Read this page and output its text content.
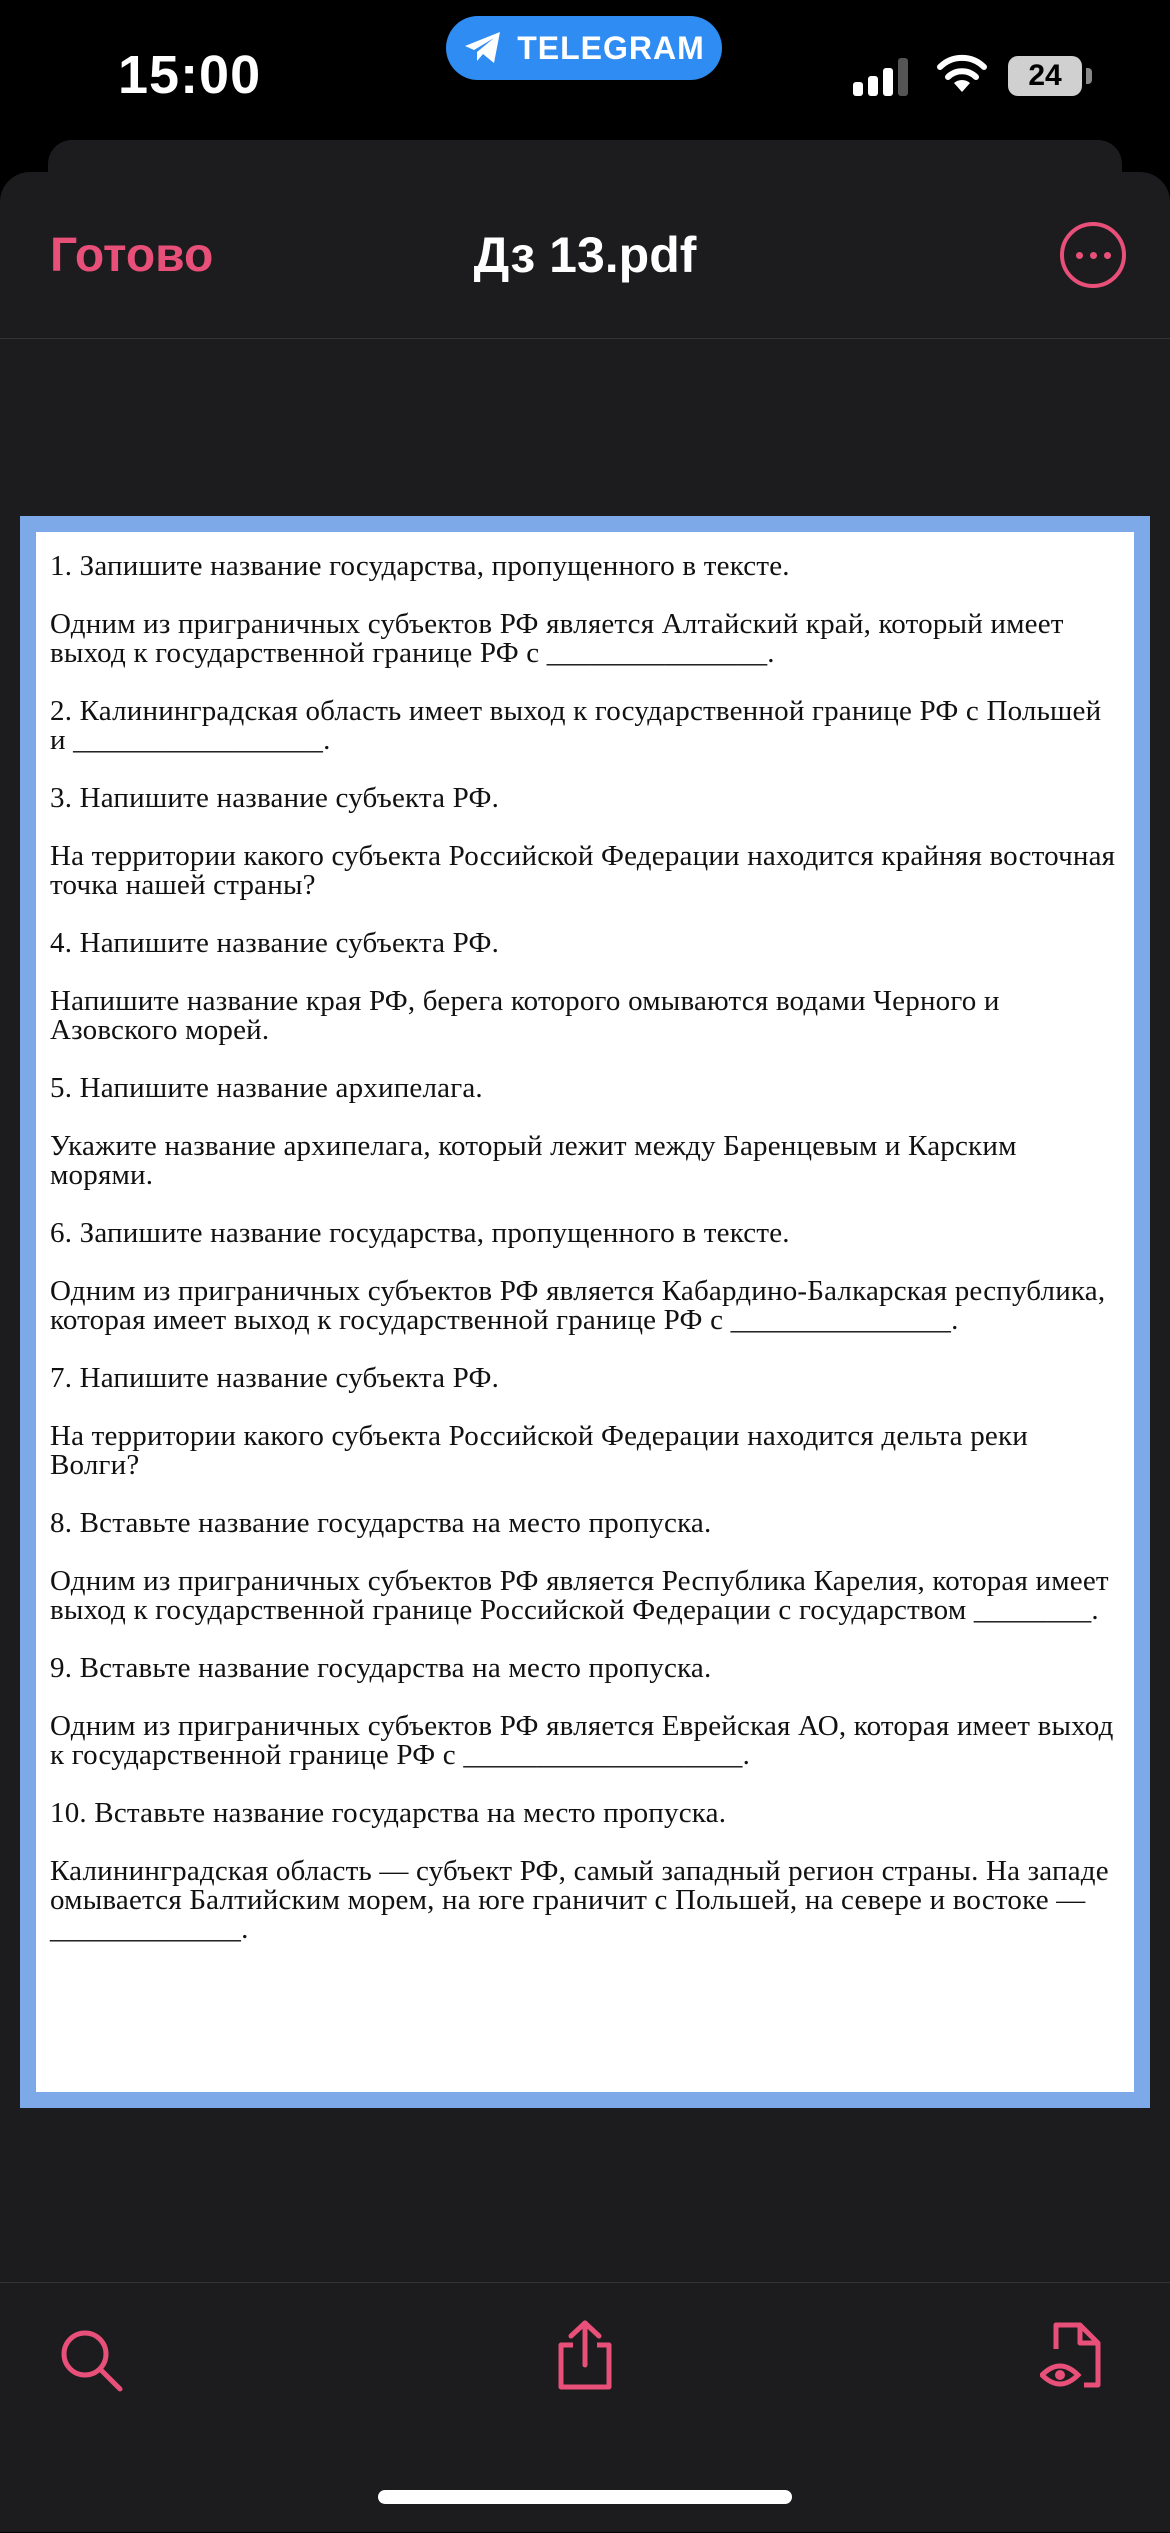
15:00	TELEGRAM
24
Готово	Дз 13.pdf

1. Запишите название государства, пропущенного в тексте.

Одним из приграничных субъектов РФ является Алтайский край, который имеет выход к государственной границе РФ с _______________.

2. Калининградская область имеет выход к государственной границе РФ с Польшей и _________________.

3. Напишите название субъекта РФ.

На территории какого субъекта Российской Федерации находится крайняя восточная точка нашей страны?

4. Напишите название субъекта РФ.

Напишите название края РФ, берега которого омываются водами Черного и Азовского морей.

5. Напишите название архипелага.

Укажите название архипелага, который лежит между Баренцевым и Карским морями.

6. Запишите название государства, пропущенного в тексте.

Одним из приграничных субъектов РФ является Кабардино-Балкарская республика, которая имеет выход к государственной границе РФ с _______________.

7. Напишите название субъекта РФ.

На территории какого субъекта Российской Федерации находится дельта реки Волги?

8. Вставьте название государства на место пропуска.

Одним из приграничных субъектов РФ является Республика Карелия, которая имеет выход к государственной границе Российской Федерации с государством ________.

9. Вставьте название государства на место пропуска.

Одним из приграничных субъектов РФ является Еврейская АО, которая имеет выход к государственной границе РФ с ___________________.

10. Вставьте название государства на место пропуска.

Калининградская область — субъект РФ, самый западный регион страны. На западе омывается Балтийским морем, на юге граничит с Польшей, на севере и востоке — _____________.
